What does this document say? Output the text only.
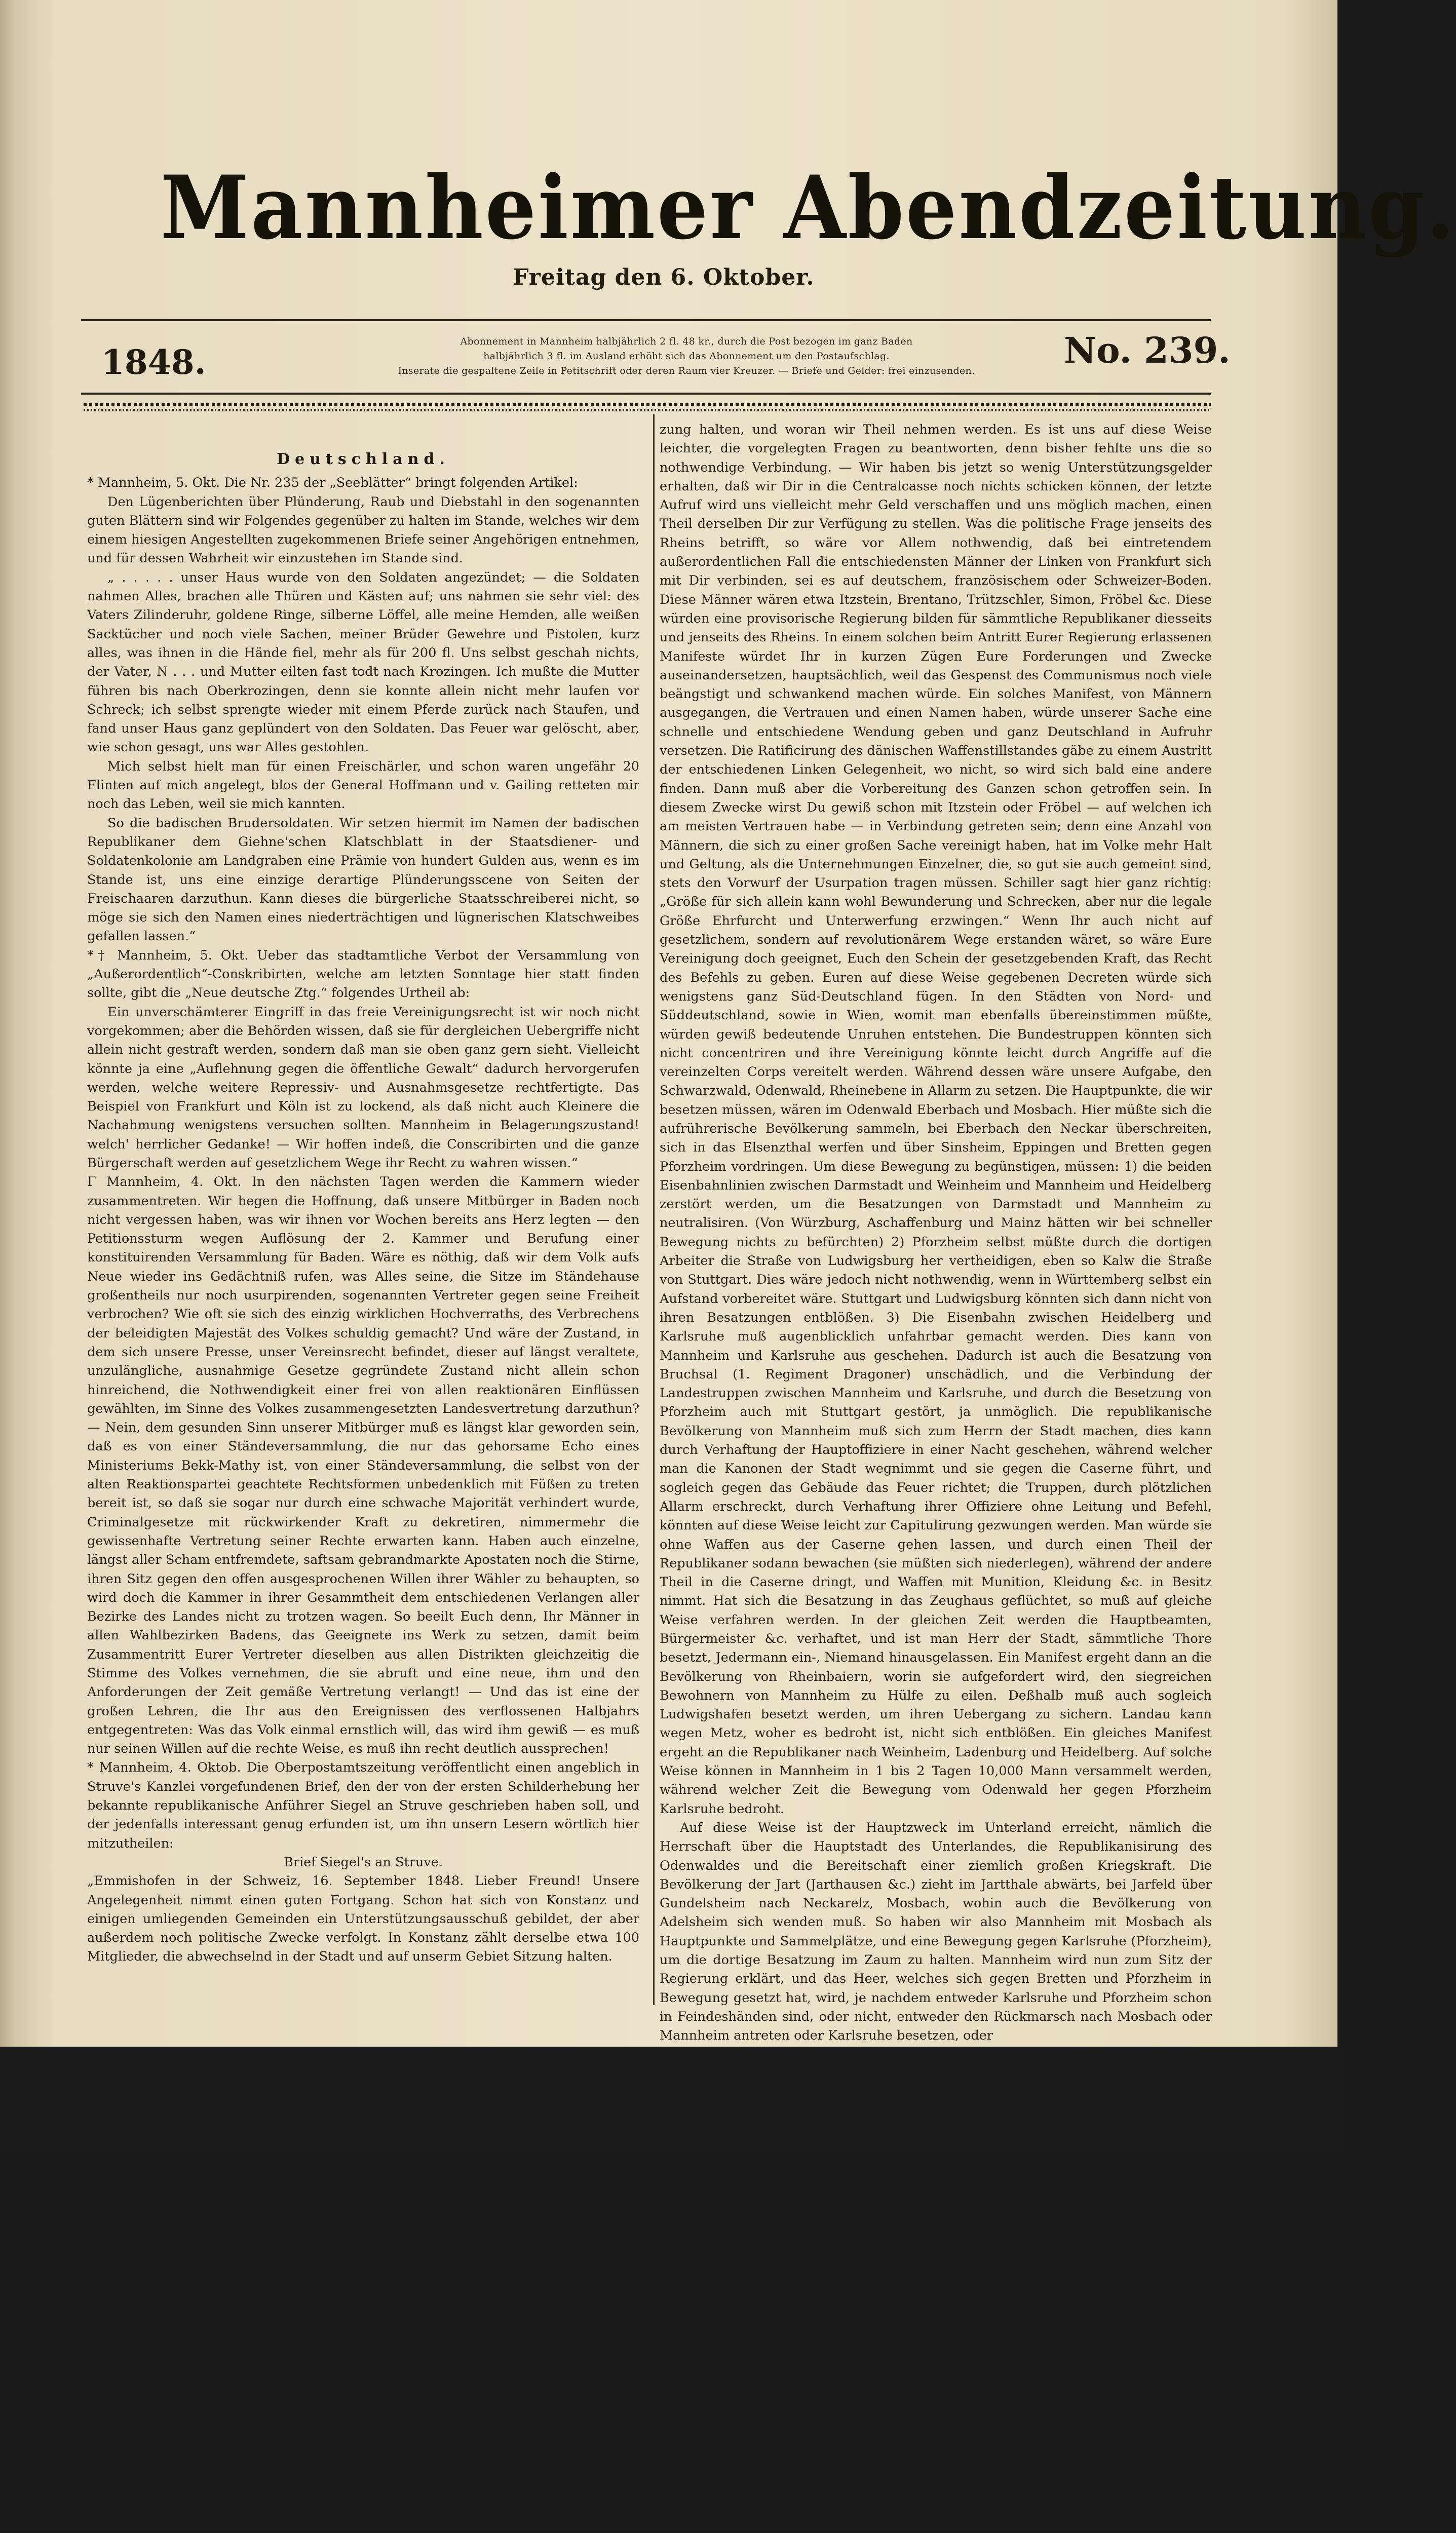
Mannheimer Abendzeitung.
Freitag den 6. Oktober.
1848.
Abonnement in Mannheim halbjährlich 2 fl. 48 kr., durch die Post bezogen im ganz Baden
halbjährlich 3 fl. im Ausland erhöht sich das Abonnement um den Postaufschlag.
Inserate die gespaltene Zeile in Petitschrift oder deren Raum vier Kreuzer. — Briefe und Gelder: frei einzusenden.	No. 239.

Deutschland.

* Mannheim, 5. Okt. Die Nr. 235 der „Seeblätter“ bringt folgenden Artikel:

Den Lügenberichten über Plünderung, Raub und Diebstahl in den sogenannten guten Blättern sind wir Folgendes gegenüber zu halten im Stande, welches wir dem einem hiesigen Angestellten zugekommenen Briefe seiner Angehörigen entnehmen, und für dessen Wahrheit wir einzustehen im Stande sind.

„ . . . . . unser Haus wurde von den Soldaten angezündet; — die Soldaten nahmen Alles, brachen alle Thüren und Kästen auf; uns nahmen sie sehr viel: des Vaters Zilinderuhr, goldene Ringe, silberne Löffel, alle meine Hemden, alle weißen Sacktücher und noch viele Sachen, meiner Brüder Gewehre und Pistolen, kurz alles, was ihnen in die Hände fiel, mehr als für 200 fl. Uns selbst geschah nichts, der Vater, N . . . und Mutter eilten fast todt nach Krozingen. Ich mußte die Mutter führen bis nach Oberkrozingen, denn sie konnte allein nicht mehr laufen vor Schreck; ich selbst sprengte wieder mit einem Pferde zurück nach Staufen, und fand unser Haus ganz geplündert von den Soldaten. Das Feuer war gelöscht, aber, wie schon gesagt, uns war Alles gestohlen.

Mich selbst hielt man für einen Freischärler, und schon waren ungefähr 20 Flinten auf mich angelegt, blos der General Hoffmann und v. Gailing retteten mir noch das Leben, weil sie mich kannten.

So die badischen Brudersoldaten. Wir setzen hiermit im Namen der badischen Republikaner dem Giehne'schen Klatschblatt in der Staatsdiener- und Soldatenkolonie am Landgraben eine Prämie von hundert Gulden aus, wenn es im Stande ist, uns eine einzige derartige Plünderungsscene von Seiten der Freischaaren darzuthun. Kann dieses die bürgerliche Staatsschreiberei nicht, so möge sie sich den Namen eines niederträchtigen und lügnerischen Klatschweibes gefallen lassen.“

*† Mannheim, 5. Okt. Ueber das stadtamtliche Verbot der Versammlung von „Außerordentlich“-Conskribirten, welche am letzten Sonntage hier statt finden sollte, gibt die „Neue deutsche Ztg.“ folgendes Urtheil ab:

Ein unverschämterer Eingriff in das freie Vereinigungsrecht ist wir noch nicht vorgekommen; aber die Behörden wissen, daß sie für dergleichen Uebergriffe nicht allein nicht gestraft werden, sondern daß man sie oben ganz gern sieht. Vielleicht könnte ja eine „Auflehnung gegen die öffentliche Gewalt“ dadurch hervorgerufen werden, welche weitere Repressiv- und Ausnahmsgesetze rechtfertigte. Das Beispiel von Frankfurt und Köln ist zu lockend, als daß nicht auch Kleinere die Nachahmung wenigstens versuchen sollten. Mannheim in Belagerungszustand! welch' herrlicher Gedanke! — Wir hoffen indeß, die Conscribirten und die ganze Bürgerschaft werden auf gesetzlichem Wege ihr Recht zu wahren wissen.“

Γ Mannheim, 4. Okt. In den nächsten Tagen werden die Kammern wieder zusammentreten. Wir hegen die Hoffnung, daß unsere Mitbürger in Baden noch nicht vergessen haben, was wir ihnen vor Wochen bereits ans Herz legten — den Petitionssturm wegen Auflösung der 2. Kammer und Berufung einer konstituirenden Versammlung für Baden. Wäre es nöthig, daß wir dem Volk aufs Neue wieder ins Gedächtniß rufen, was Alles seine, die Sitze im Ständehause großentheils nur noch usurpirenden, sogenannten Vertreter gegen seine Freiheit verbrochen? Wie oft sie sich des einzig wirklichen Hochverraths, des Verbrechens der beleidigten Majestät des Volkes schuldig gemacht? Und wäre der Zustand, in dem sich unsere Presse, unser Vereinsrecht befindet, dieser auf längst veraltete, unzulängliche, ausnahmige Gesetze gegründete Zustand nicht allein schon hinreichend, die Nothwendigkeit einer frei von allen reaktionären Einflüssen gewählten, im Sinne des Volkes zusammengesetzten Landesvertretung darzuthun? — Nein, dem gesunden Sinn unserer Mitbürger muß es längst klar geworden sein, daß es von einer Ständeversammlung, die nur das gehorsame Echo eines Ministeriums Bekk-Mathy ist, von einer Ständeversammlung, die selbst von der alten Reaktionspartei geachtete Rechtsformen unbedenklich mit Füßen zu treten bereit ist, so daß sie sogar nur durch eine schwache Majorität verhindert wurde, Criminalgesetze mit rückwirkender Kraft zu dekretiren, nimmermehr die gewissenhafte Vertretung seiner Rechte erwarten kann. Haben auch einzelne, längst aller Scham entfremdete, saftsam gebrandmarkte Apostaten noch die Stirne, ihren Sitz gegen den offen ausgesprochenen Willen ihrer Wähler zu behaupten, so wird doch die Kammer in ihrer Gesammtheit dem entschiedenen Verlangen aller Bezirke des Landes nicht zu trotzen wagen. So beeilt Euch denn, Ihr Männer in allen Wahlbezirken Badens, das Geeignete ins Werk zu setzen, damit beim Zusammentritt Eurer Vertreter dieselben aus allen Distrikten gleichzeitig die Stimme des Volkes vernehmen, die sie abruft und eine neue, ihm und den Anforderungen der Zeit gemäße Vertretung verlangt! — Und das ist eine der großen Lehren, die Ihr aus den Ereignissen des verflossenen Halbjahrs entgegentreten: Was das Volk einmal ernstlich will, das wird ihm gewiß — es muß nur seinen Willen auf die rechte Weise, es muß ihn recht deutlich aussprechen!

* Mannheim, 4. Oktob. Die Oberpostamtszeitung veröffentlicht einen angeblich in Struve's Kanzlei vorgefundenen Brief, den der von der ersten Schilderhebung her bekannte republikanische Anführer Siegel an Struve geschrieben haben soll, und der jedenfalls interessant genug erfunden ist, um ihn unsern Lesern wörtlich hier mitzutheilen:

Brief Siegel's an Struve.

„Emmishofen in der Schweiz, 16. September 1848. Lieber Freund! Unsere Angelegenheit nimmt einen guten Fortgang. Schon hat sich von Konstanz und einigen umliegenden Gemeinden ein Unterstützungsausschuß gebildet, der aber außerdem noch politische Zwecke verfolgt. In Konstanz zählt derselbe etwa 100 Mitglieder, die abwechselnd in der Stadt und auf unserm Gebiet Sitzung halten.

zung halten, und woran wir Theil nehmen werden. Es ist uns auf diese Weise leichter, die vorgelegten Fragen zu beantworten, denn bisher fehlte uns die so nothwendige Verbindung. — Wir haben bis jetzt so wenig Unterstützungsgelder erhalten, daß wir Dir in die Centralcasse noch nichts schicken können, der letzte Aufruf wird uns vielleicht mehr Geld verschaffen und uns möglich machen, einen Theil derselben Dir zur Verfügung zu stellen. Was die politische Frage jenseits des Rheins betrifft, so wäre vor Allem nothwendig, daß bei eintretendem außerordentlichen Fall die entschiedensten Männer der Linken von Frankfurt sich mit Dir verbinden, sei es auf deutschem, französischem oder Schweizer-Boden. Diese Männer wären etwa Itzstein, Brentano, Trützschler, Simon, Fröbel &c. Diese würden eine provisorische Regierung bilden für sämmtliche Republikaner diesseits und jenseits des Rheins. In einem solchen beim Antritt Eurer Regierung erlassenen Manifeste würdet Ihr in kurzen Zügen Eure Forderungen und Zwecke auseinandersetzen, hauptsächlich, weil das Gespenst des Communismus noch viele beängstigt und schwankend machen würde. Ein solches Manifest, von Männern ausgegangen, die Vertrauen und einen Namen haben, würde unserer Sache eine schnelle und entschiedene Wendung geben und ganz Deutschland in Aufruhr versetzen. Die Ratificirung des dänischen Waffenstillstandes gäbe zu einem Austritt der entschiedenen Linken Gelegenheit, wo nicht, so wird sich bald eine andere finden. Dann muß aber die Vorbereitung des Ganzen schon getroffen sein. In diesem Zwecke wirst Du gewiß schon mit Itzstein oder Fröbel — auf welchen ich am meisten Vertrauen habe — in Verbindung getreten sein; denn eine Anzahl von Männern, die sich zu einer großen Sache vereinigt haben, hat im Volke mehr Halt und Geltung, als die Unternehmungen Einzelner, die, so gut sie auch gemeint sind, stets den Vorwurf der Usurpation tragen müssen. Schiller sagt hier ganz richtig: „Größe für sich allein kann wohl Bewunderung und Schrecken, aber nur die legale Größe Ehrfurcht und Unterwerfung erzwingen.“ Wenn Ihr auch nicht auf gesetzlichem, sondern auf revolutionärem Wege erstanden wäret, so wäre Eure Vereinigung doch geeignet, Euch den Schein der gesetzgebenden Kraft, das Recht des Befehls zu geben. Euren auf diese Weise gegebenen Decreten würde sich wenigstens ganz Süd-Deutschland fügen. In den Städten von Nord- und Süddeutschland, sowie in Wien, womit man ebenfalls übereinstimmen müßte, würden gewiß bedeutende Unruhen entstehen. Die Bundestruppen könnten sich nicht concentriren und ihre Vereinigung könnte leicht durch Angriffe auf die vereinzelten Corps vereitelt werden. Während dessen wäre unsere Aufgabe, den Schwarzwald, Odenwald, Rheinebene in Allarm zu setzen. Die Hauptpunkte, die wir besetzen müssen, wären im Odenwald Eberbach und Mosbach. Hier müßte sich die aufrührerische Bevölkerung sammeln, bei Eberbach den Neckar überschreiten, sich in das Elsenzthal werfen und über Sinsheim, Eppingen und Bretten gegen Pforzheim vordringen. Um diese Bewegung zu begünstigen, müssen: 1) die beiden Eisenbahnlinien zwischen Darmstadt und Weinheim und Mannheim und Heidelberg zerstört werden, um die Besatzungen von Darmstadt und Mannheim zu neutralisiren. (Von Würzburg, Aschaffenburg und Mainz hätten wir bei schneller Bewegung nichts zu befürchten) 2) Pforzheim selbst müßte durch die dortigen Arbeiter die Straße von Ludwigsburg her vertheidigen, eben so Kalw die Straße von Stuttgart. Dies wäre jedoch nicht nothwendig, wenn in Württemberg selbst ein Aufstand vorbereitet wäre. Stuttgart und Ludwigsburg könnten sich dann nicht von ihren Besatzungen entblößen. 3) Die Eisenbahn zwischen Heidelberg und Karlsruhe muß augenblicklich unfahrbar gemacht werden. Dies kann von Mannheim und Karlsruhe aus geschehen. Dadurch ist auch die Besatzung von Bruchsal (1. Regiment Dragoner) unschädlich, und die Verbindung der Landestruppen zwischen Mannheim und Karlsruhe, und durch die Besetzung von Pforzheim auch mit Stuttgart gestört, ja unmöglich. Die republikanische Bevölkerung von Mannheim muß sich zum Herrn der Stadt machen, dies kann durch Verhaftung der Hauptoffiziere in einer Nacht geschehen, während welcher man die Kanonen der Stadt wegnimmt und sie gegen die Caserne führt, und sogleich gegen das Gebäude das Feuer richtet; die Truppen, durch plötzlichen Allarm erschreckt, durch Verhaftung ihrer Offiziere ohne Leitung und Befehl, könnten auf diese Weise leicht zur Capitulirung gezwungen werden. Man würde sie ohne Waffen aus der Caserne gehen lassen, und durch einen Theil der Republikaner sodann bewachen (sie müßten sich niederlegen), während der andere Theil in die Caserne dringt, und Waffen mit Munition, Kleidung &c. in Besitz nimmt. Hat sich die Besatzung in das Zeughaus geflüchtet, so muß auf gleiche Weise verfahren werden. In der gleichen Zeit werden die Hauptbeamten, Bürgermeister &c. verhaftet, und ist man Herr der Stadt, sämmtliche Thore besetzt, Jedermann ein-, Niemand hinausgelassen. Ein Manifest ergeht dann an die Bevölkerung von Rheinbaiern, worin sie aufgefordert wird, den siegreichen Bewohnern von Mannheim zu Hülfe zu eilen. Deßhalb muß auch sogleich Ludwigshafen besetzt werden, um ihren Uebergang zu sichern. Landau kann wegen Metz, woher es bedroht ist, nicht sich entblößen. Ein gleiches Manifest ergeht an die Republikaner nach Weinheim, Ladenburg und Heidelberg. Auf solche Weise können in Mannheim in 1 bis 2 Tagen 10,000 Mann versammelt werden, während welcher Zeit die Bewegung vom Odenwald her gegen Pforzheim Karlsruhe bedroht.

Auf diese Weise ist der Hauptzweck im Unterland erreicht, nämlich die Herrschaft über die Hauptstadt des Unterlandes, die Republikanisirung des Odenwaldes und die Bereitschaft einer ziemlich großen Kriegskraft. Die Bevölkerung der Jart (Jarthausen &c.) zieht im Jartthale abwärts, bei Jarfeld über Gundelsheim nach Neckarelz, Mosbach, wohin auch die Bevölkerung von Adelsheim sich wenden muß. So haben wir also Mannheim mit Mosbach als Hauptpunkte und Sammelplätze, und eine Bewegung gegen Karlsruhe (Pforzheim), um die dortige Besatzung im Zaum zu halten. Mannheim wird nun zum Sitz der Regierung erklärt, und das Heer, welches sich gegen Bretten und Pforzheim in Bewegung gesetzt hat, wird, je nachdem entweder Karlsruhe und Pforzheim schon in Feindeshänden sind, oder nicht, entweder den Rückmarsch nach Mosbach oder Mannheim antreten oder Karlsruhe besetzen, oder
